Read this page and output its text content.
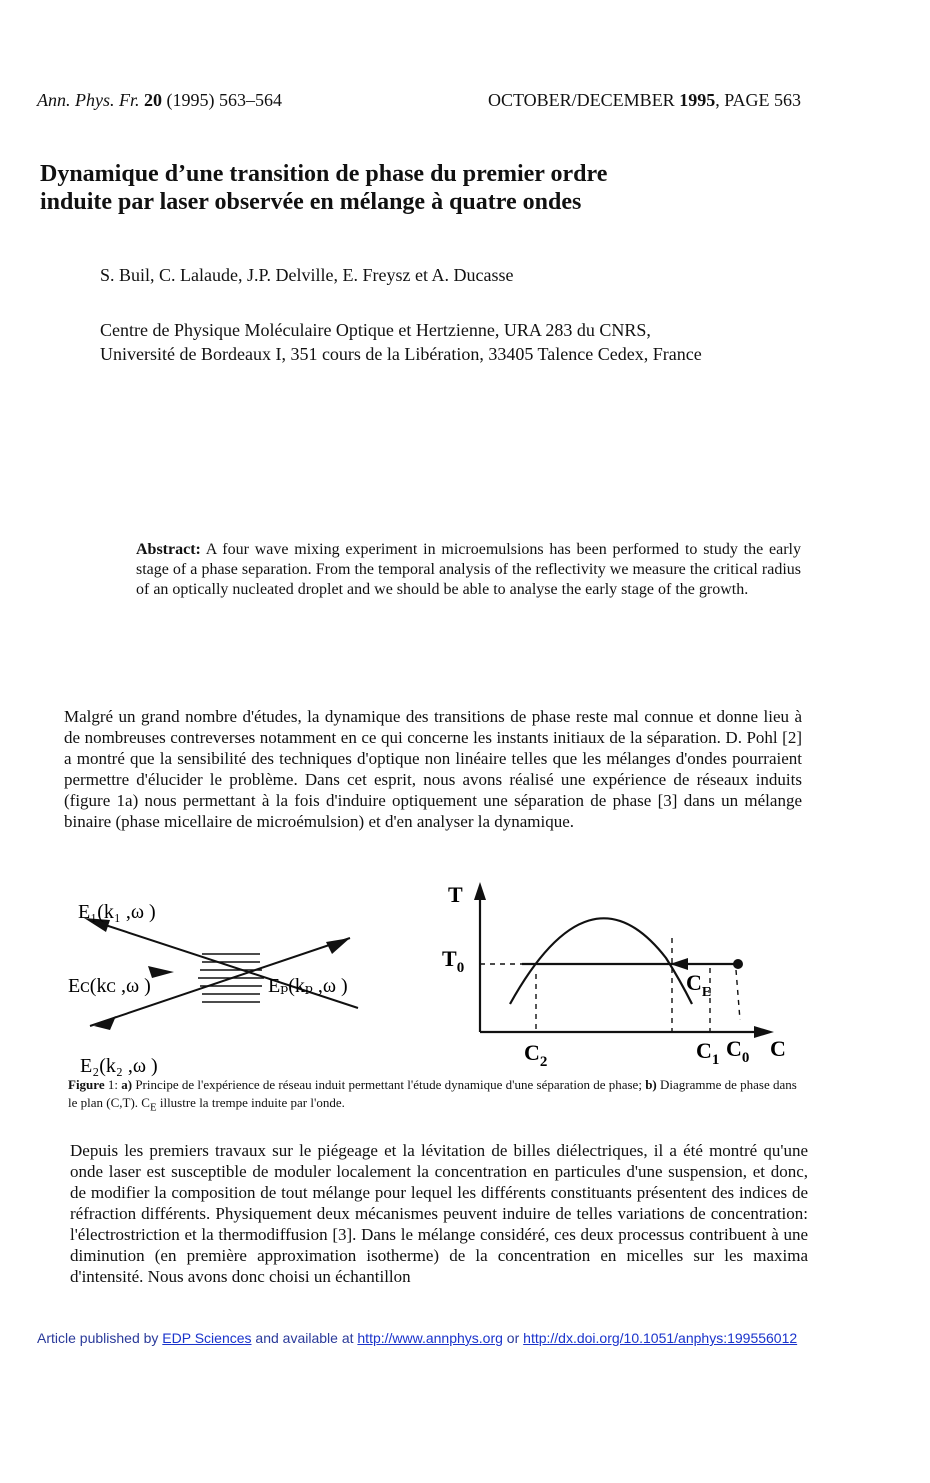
Ann. Phys. Fr. 20 (1995) 563–564	OCTOBER/DECEMBER 1995, PAGE 563
Dynamique d’une transition de phase du premier ordre
induite par laser observée en mélange à quatre ondes
S. Buil, C. Lalaude, J.P. Delville, E. Freysz et A. Ducasse
Centre de Physique Moléculaire Optique et Hertzienne, URA 283 du CNRS,
Université de Bordeaux I, 351 cours de la Libération, 33405 Talence Cedex, France
Abstract: A four wave mixing experiment in microemulsions has been performed to study the early stage of a phase separation. From the temporal analysis of the reflectivity we measure the critical radius of an optically nucleated droplet and we should be able to analyse the early stage of the growth.
Malgré un grand nombre d'études, la dynamique des transitions de phase reste mal connue et donne lieu à de nombreuses contreverses notamment en ce qui concerne les instants initiaux de la séparation. D. Pohl [2] a montré que la sensibilité des techniques d'optique non linéaire telles que les mélanges d'ondes pourraient permettre d'élucider le problème. Dans cet esprit, nous avons réalisé une expérience de réseaux induits (figure 1a) nous permettant à la fois d'induire optiquement une séparation de phase [3] dans un mélange binaire (phase micellaire de microémulsion) et d'en analyser la dynamique.
E₁(k₁ ,ω )
Eᴄ(kᴄ ,ω )	Eₚ(kₚ ,ω )
E₂(k₂ ,ω )
T
$T_0$
$C_2$	$C_1$ $C_0$ C
$C_E$
Figure 1: a) Principe de l'expérience de réseau induit permettant l'étude dynamique d'une séparation de phase; b) Diagramme de phase dans le plan (C,T). $C_E$ illustre la trempe induite par l'onde.
Depuis les premiers travaux sur le piégeage et la lévitation de billes diélectriques, il a été montré qu'une onde laser est susceptible de moduler localement la concentration en particules d'une suspension, et donc, de modifier la composition de tout mélange pour lequel les différents constituants présentent des indices de réfraction différents. Physiquement deux mécanismes peuvent induire de telles variations de concentration: l'électrostriction et la thermodiffusion [3]. Dans le mélange considéré, ces deux processus contribuent à une diminution (en première approximation isotherme) de la concentration en micelles sur les maxima d'intensité. Nous avons donc choisi un échantillon
Article published by EDP Sciences and available at http://www.annphys.org or http://dx.doi.org/10.1051/anphys:199556012
